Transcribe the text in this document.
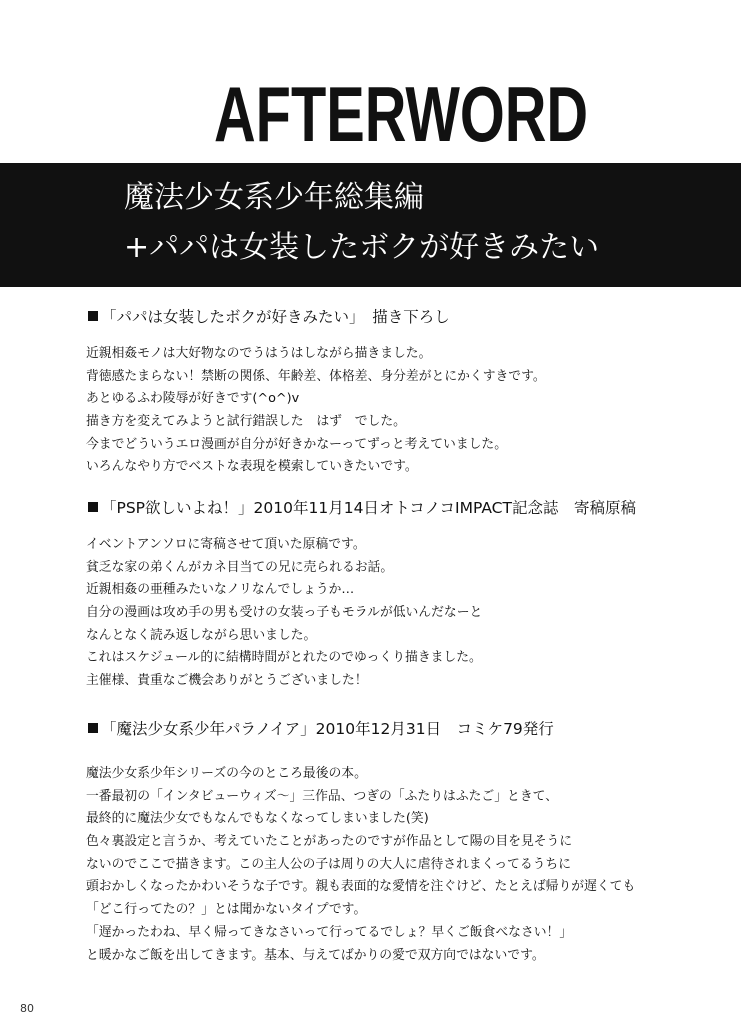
AFTERWORD
魔法少女系少年総集編
+パパは女装したボクが好きみたい
「パパは女装したボクが好きみたい」　描き下ろし
近親相姦モノは大好物なのでうはうはしながら描きました。
背徳感たまらない！禁断の関係、年齢差、体格差、身分差がとにかくすきです。
あとゆるふわ陵辱が好きです(^o^)v
描き方を変えてみようと試行錯誤した　はず　でした。
今までどういうエロ漫画が自分が好きかなーってずっと考えていました。
いろんなやり方でベストな表現を模索していきたいです。
「PSP欲しいよね！」2010年11月14日オトコノコIMPACT記念誌　寄稿原稿
イベントアンソロに寄稿させて頂いた原稿です。
貧乏な家の弟くんがカネ目当ての兄に売られるお話。
近親相姦の亜種みたいなノリなんでしょうか…
自分の漫画は攻め手の男も受けの女装っ子もモラルが低いんだなーと
なんとなく読み返しながら思いました。
これはスケジュール的に結構時間がとれたのでゆっくり描きました。
主催様、貴重なご機会ありがとうございました！
「魔法少女系少年パラノイア」2010年12月31日　コミケ79発行
魔法少女系少年シリーズの今のところ最後の本。
一番最初の「インタビューウィズ～」三作品、つぎの「ふたりはふたご」ときて、
最終的に魔法少女でもなんでもなくなってしまいました(笑)
色々裏設定と言うか、考えていたことがあったのですが作品として陽の目を見そうに
ないのでここで描きます。この主人公の子は周りの大人に虐待されまくってるうちに
頭おかしくなったかわいそうな子です。親も表面的な愛情を注ぐけど、たとえば帰りが遅くても
「どこ行ってたの？」とは聞かないタイプです。
「遅かったわね、早く帰ってきなさいって行ってるでしょ？早くご飯食べなさい！」
と暖かなご飯を出してきます。基本、与えてばかりの愛で双方向ではないです。
80
